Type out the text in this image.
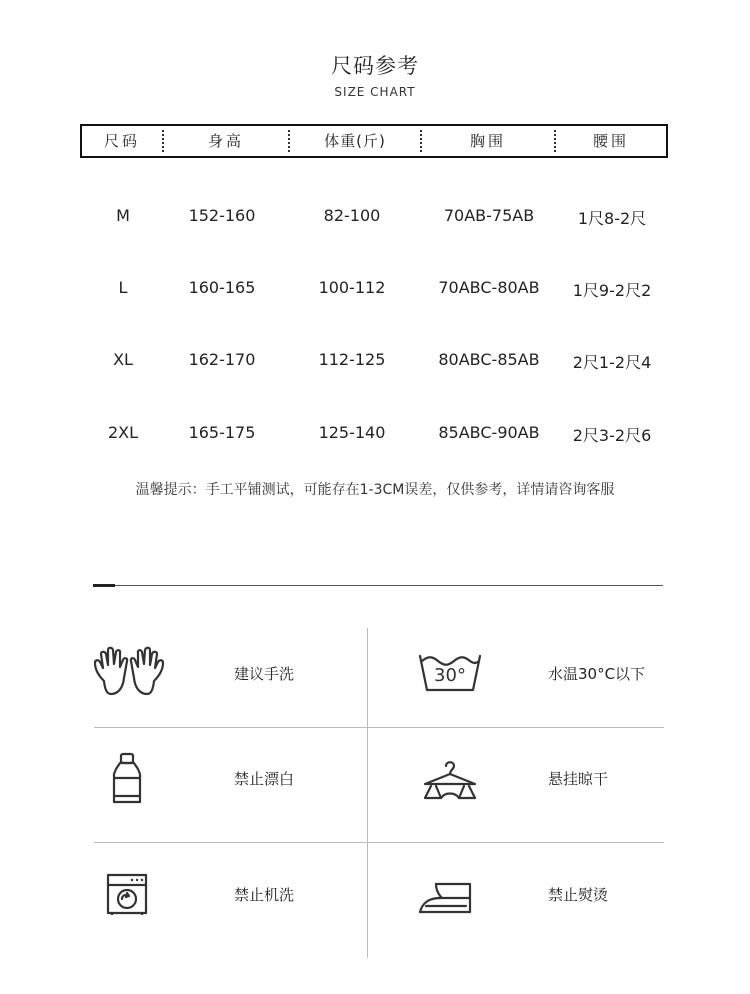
尺码参考
SIZE CHART
尺码	身高	体重(斤)	胸围	腰围
M	152-160	82-100	70AB-75AB	1尺8-2尺
L	160-165	100-112	70ABC-80AB	1尺9-2尺2
XL	162-170	112-125	80ABC-85AB	2尺1-2尺4
2XL	165-175	125-140	85ABC-90AB	2尺3-2尺6
温馨提示：手工平铺测试，可能存在1-3CM误差，仅供参考，详情请咨询客服
建议手洗	30°	水温30°C以下
禁止漂白	悬挂晾干
禁止机洗	禁止熨烫
